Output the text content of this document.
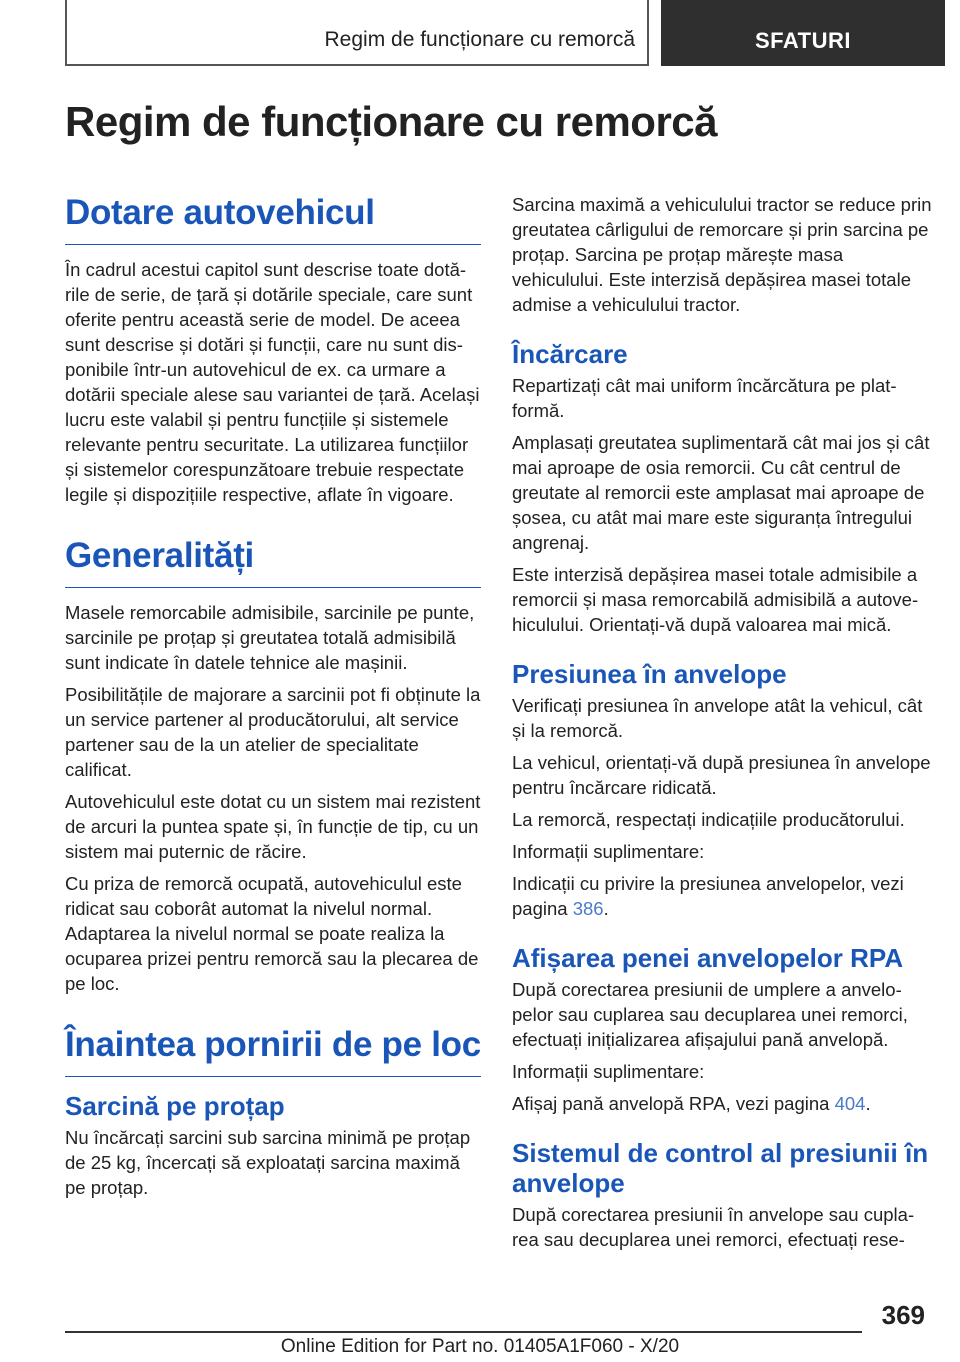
Regim de funcționare cu remorcă	SFATURI
Regim de funcționare cu remorcă
Dotare autovehicul

În cadrul acestui capitol sunt descrise toate dotările de serie, de țară și dotările speciale, care sunt oferite pentru această serie de model. De aceea sunt descrise și dotări și funcții, care nu sunt disponibile într-un autovehicul de ex. ca urmare a dotării speciale alese sau variantei de țară. Același lucru este valabil și pentru funcțiile și sistemele relevante pentru securitate. La utilizarea funcțiilor și sistemelor corespunzătoare trebuie respectate legile și dispozițiile respective, aflate în vigoare.

Generalități

Masele remorcabile admisibile, sarcinile pe punte, sarcinile pe proțap și greutatea totală admisibilă sunt indicate în datele tehnice ale mașinii.

Posibilitățile de majorare a sarcinii pot fi obținute la un service partener al producătorului, alt service partener sau de la un atelier de specialitate calificat.

Autovehiculul este dotat cu un sistem mai rezistent de arcuri la puntea spate și, în funcție de tip, cu un sistem mai puternic de răcire.

Cu priza de remorcă ocupată, autovehiculul este ridicat sau coborât automat la nivelul normal. Adaptarea la nivelul normal se poate realiza la ocuparea prizei pentru remorcă sau la plecarea de pe loc.

Înaintea pornirii de pe loc
Sarcină pe proțap

Nu încărcați sarcini sub sarcina minimă pe proțap de 25 kg, încercați să exploatați sarcina maximă pe proțap.

Sarcina maximă a vehiculului tractor se reduce prin greutatea cârligului de remorcare și prin sarcina pe proțap. Sarcina pe proțap mărește masa vehiculului. Este interzisă depășirea masei totale admise a vehiculului tractor.

Încărcare

Repartizați cât mai uniform încărcătura pe platformă.

Amplasați greutatea suplimentară cât mai jos și cât mai aproape de osia remorcii. Cu cât centrul de greutate al remorcii este amplasat mai aproape de șosea, cu atât mai mare este siguranța întregului angrenaj.

Este interzisă depășirea masei totale admisibile a remorcii și masa remorcabilă admisibilă a autovehiculului. Orientați-vă după valoarea mai mică.

Presiunea în anvelope

Verificați presiunea în anvelope atât la vehicul, cât și la remorcă.

La vehicul, orientați-vă după presiunea în anvelope pentru încărcare ridicată.

La remorcă, respectați indicațiile producătorului.

Informații suplimentare:

Indicații cu privire la presiunea anvelopelor, vezi pagina 386.

Afișarea penei anvelopelor RPA

După corectarea presiunii de umplere a anvelopelor sau cuplarea sau decuplarea unei remorci, efectuați inițializarea afișajului pană anvelopă.

Informații suplimentare:

Afișaj pană anvelopă RPA, vezi pagina 404.

Sistemul de control al presiunii în anvelope

După corectarea presiunii în anvelope sau cuplarea sau decuplarea unei remorci, efectuați rese-

369
Online Edition for Part no. 01405A1F060 - X/20
